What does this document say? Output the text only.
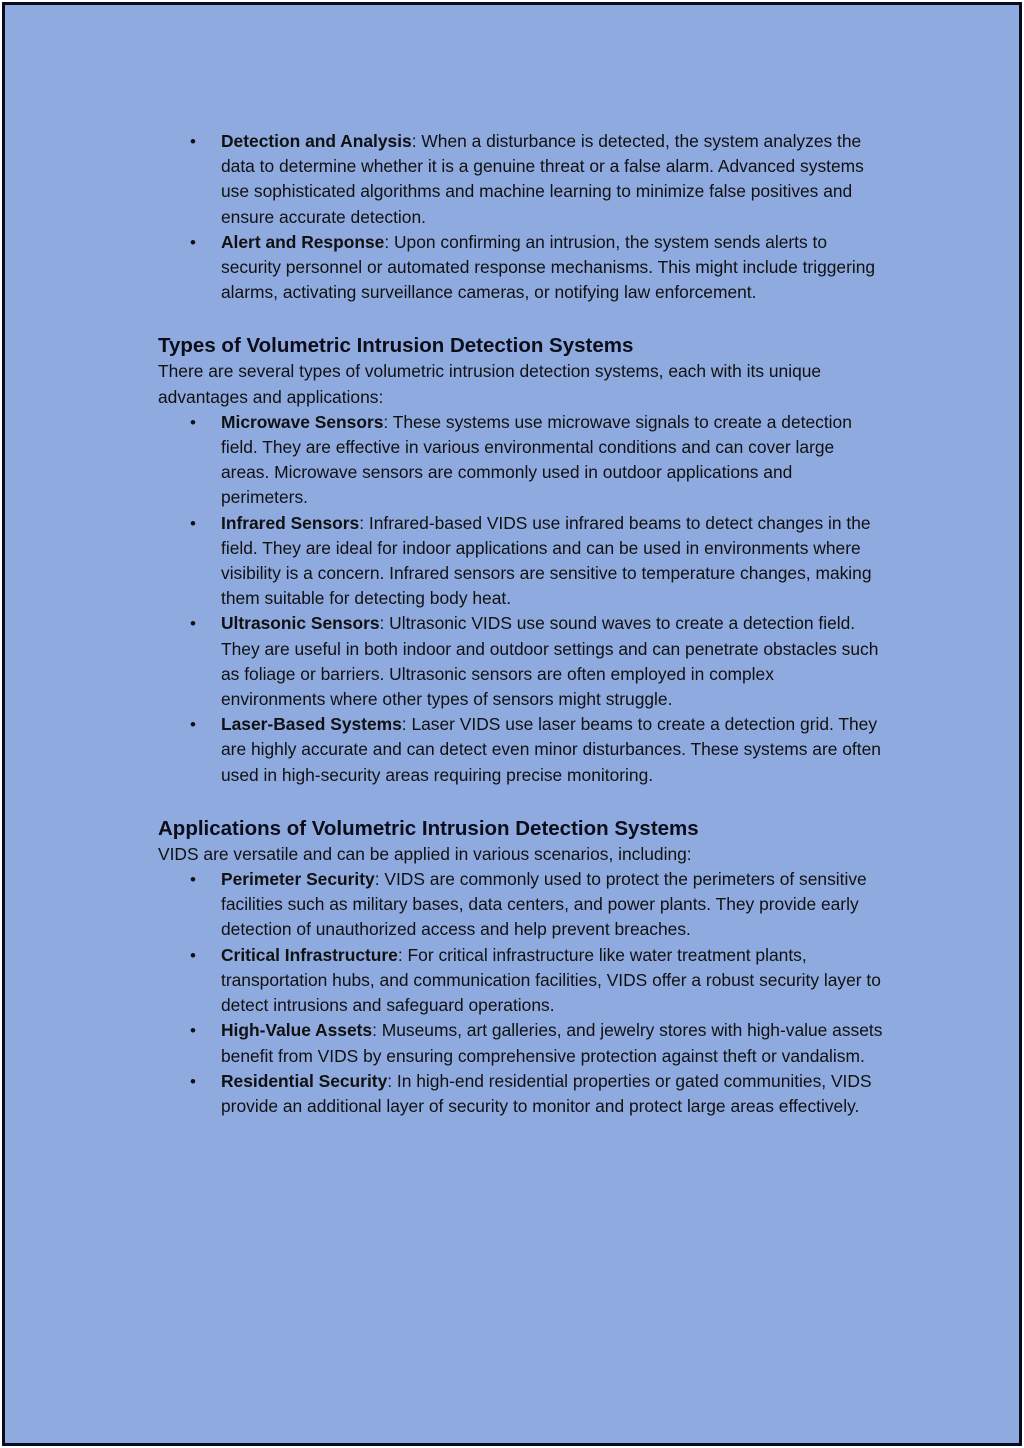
• Detection and Analysis: When a disturbance is detected, the system analyzes the data to determine whether it is a genuine threat or a false alarm. Advanced systems use sophisticated algorithms and machine learning to minimize false positives and ensure accurate detection.
• Alert and Response: Upon confirming an intrusion, the system sends alerts to security personnel or automated response mechanisms. This might include triggering alarms, activating surveillance cameras, or notifying law enforcement.
Types of Volumetric Intrusion Detection Systems

There are several types of volumetric intrusion detection systems, each with its unique advantages and applications:

• Microwave Sensors: These systems use microwave signals to create a detection field. They are effective in various environmental conditions and can cover large areas. Microwave sensors are commonly used in outdoor applications and perimeters.
• Infrared Sensors: Infrared-based VIDS use infrared beams to detect changes in the field. They are ideal for indoor applications and can be used in environments where visibility is a concern. Infrared sensors are sensitive to temperature changes, making them suitable for detecting body heat.
• Ultrasonic Sensors: Ultrasonic VIDS use sound waves to create a detection field. They are useful in both indoor and outdoor settings and can penetrate obstacles such as foliage or barriers. Ultrasonic sensors are often employed in complex environments where other types of sensors might struggle.
• Laser-Based Systems: Laser VIDS use laser beams to create a detection grid. They are highly accurate and can detect even minor disturbances. These systems are often used in high-security areas requiring precise monitoring.
Applications of Volumetric Intrusion Detection Systems

VIDS are versatile and can be applied in various scenarios, including:

• Perimeter Security: VIDS are commonly used to protect the perimeters of sensitive facilities such as military bases, data centers, and power plants. They provide early detection of unauthorized access and help prevent breaches.
• Critical Infrastructure: For critical infrastructure like water treatment plants, transportation hubs, and communication facilities, VIDS offer a robust security layer to detect intrusions and safeguard operations.
• High-Value Assets: Museums, art galleries, and jewelry stores with high-value assets benefit from VIDS by ensuring comprehensive protection against theft or vandalism.
• Residential Security: In high-end residential properties or gated communities, VIDS provide an additional layer of security to monitor and protect large areas effectively.
